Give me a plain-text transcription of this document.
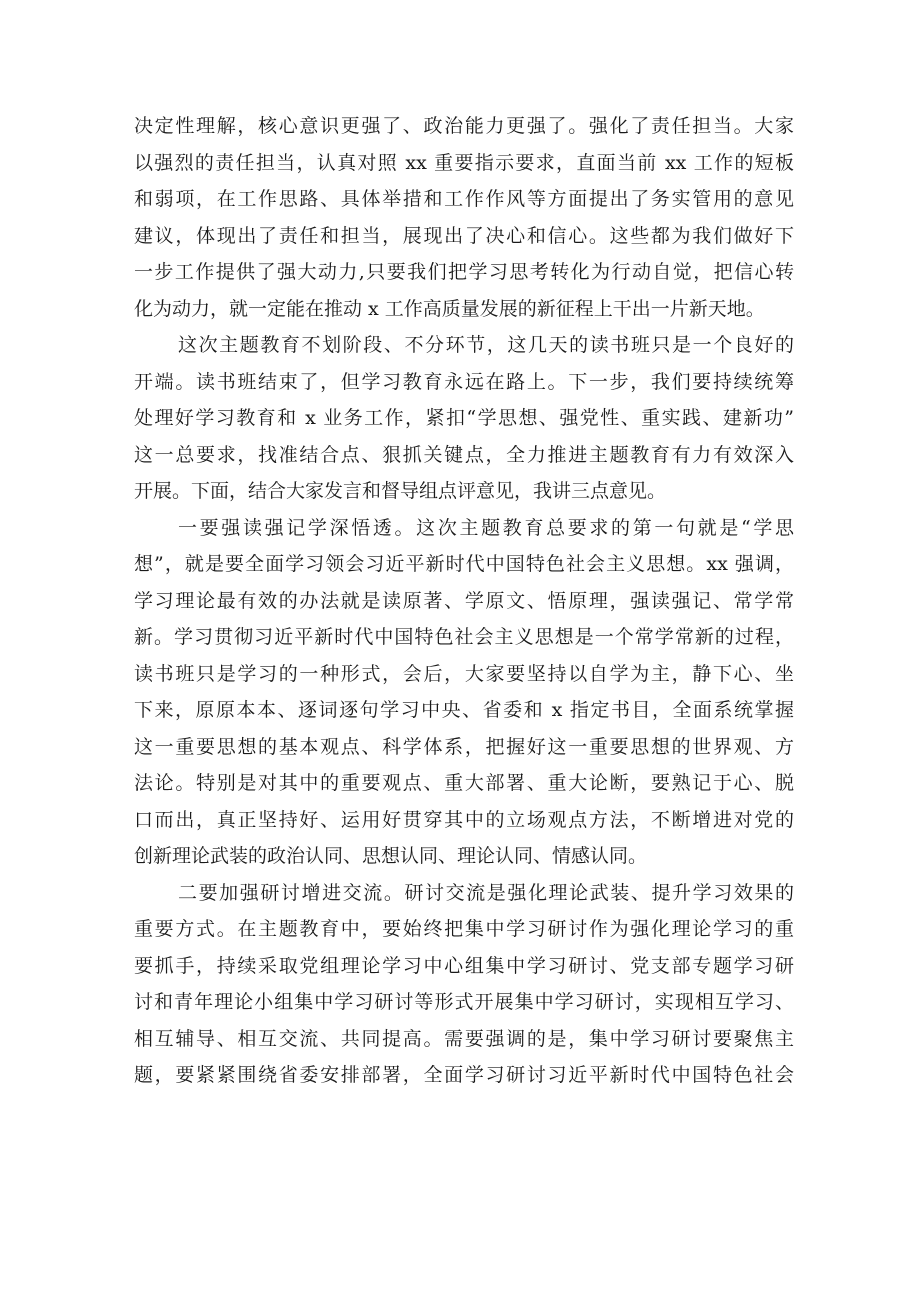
决定性理解，核心意识更强了、政治能力更强了。强化了责任担当。大家
以强烈的责任担当，认真对照 xx 重要指示要求，直面当前 xx 工作的短板
和弱项，在工作思路、具体举措和工作作风等方面提出了务实管用的意见
建议，体现出了责任和担当，展现出了决心和信心。这些都为我们做好下
一步工作提供了强大动力,只要我们把学习思考转化为行动自觉，把信心转
化为动力，就一定能在推动 x 工作高质量发展的新征程上干出一片新天地。
这次主题教育不划阶段、不分环节，这几天的读书班只是一个良好的
开端。读书班结束了，但学习教育永远在路上。下一步，我们要持续统筹
处理好学习教育和 x 业务工作，紧扣“学思想、强党性、重实践、建新功”
这一总要求，找准结合点、狠抓关键点，全力推进主题教育有力有效深入
开展。下面，结合大家发言和督导组点评意见，我讲三点意见。
一要强读强记学深悟透。这次主题教育总要求的第一句就是“学思
想”，就是要全面学习领会习近平新时代中国特色社会主义思想。xx 强调，
学习理论最有效的办法就是读原著、学原文、悟原理，强读强记、常学常
新。学习贯彻习近平新时代中国特色社会主义思想是一个常学常新的过程，
读书班只是学习的一种形式，会后，大家要坚持以自学为主，静下心、坐
下来，原原本本、逐词逐句学习中央、省委和 x 指定书目，全面系统掌握
这一重要思想的基本观点、科学体系，把握好这一重要思想的世界观、方
法论。特别是对其中的重要观点、重大部署、重大论断，要熟记于心、脱
口而出，真正坚持好、运用好贯穿其中的立场观点方法，不断增进对党的
创新理论武装的政治认同、思想认同、理论认同、情感认同。
二要加强研讨增进交流。研讨交流是强化理论武装、提升学习效果的
重要方式。在主题教育中，要始终把集中学习研讨作为强化理论学习的重
要抓手，持续采取党组理论学习中心组集中学习研讨、党支部专题学习研
讨和青年理论小组集中学习研讨等形式开展集中学习研讨，实现相互学习、
相互辅导、相互交流、共同提高。需要强调的是，集中学习研讨要聚焦主
题，要紧紧围绕省委安排部署，全面学习研讨习近平新时代中国特色社会
